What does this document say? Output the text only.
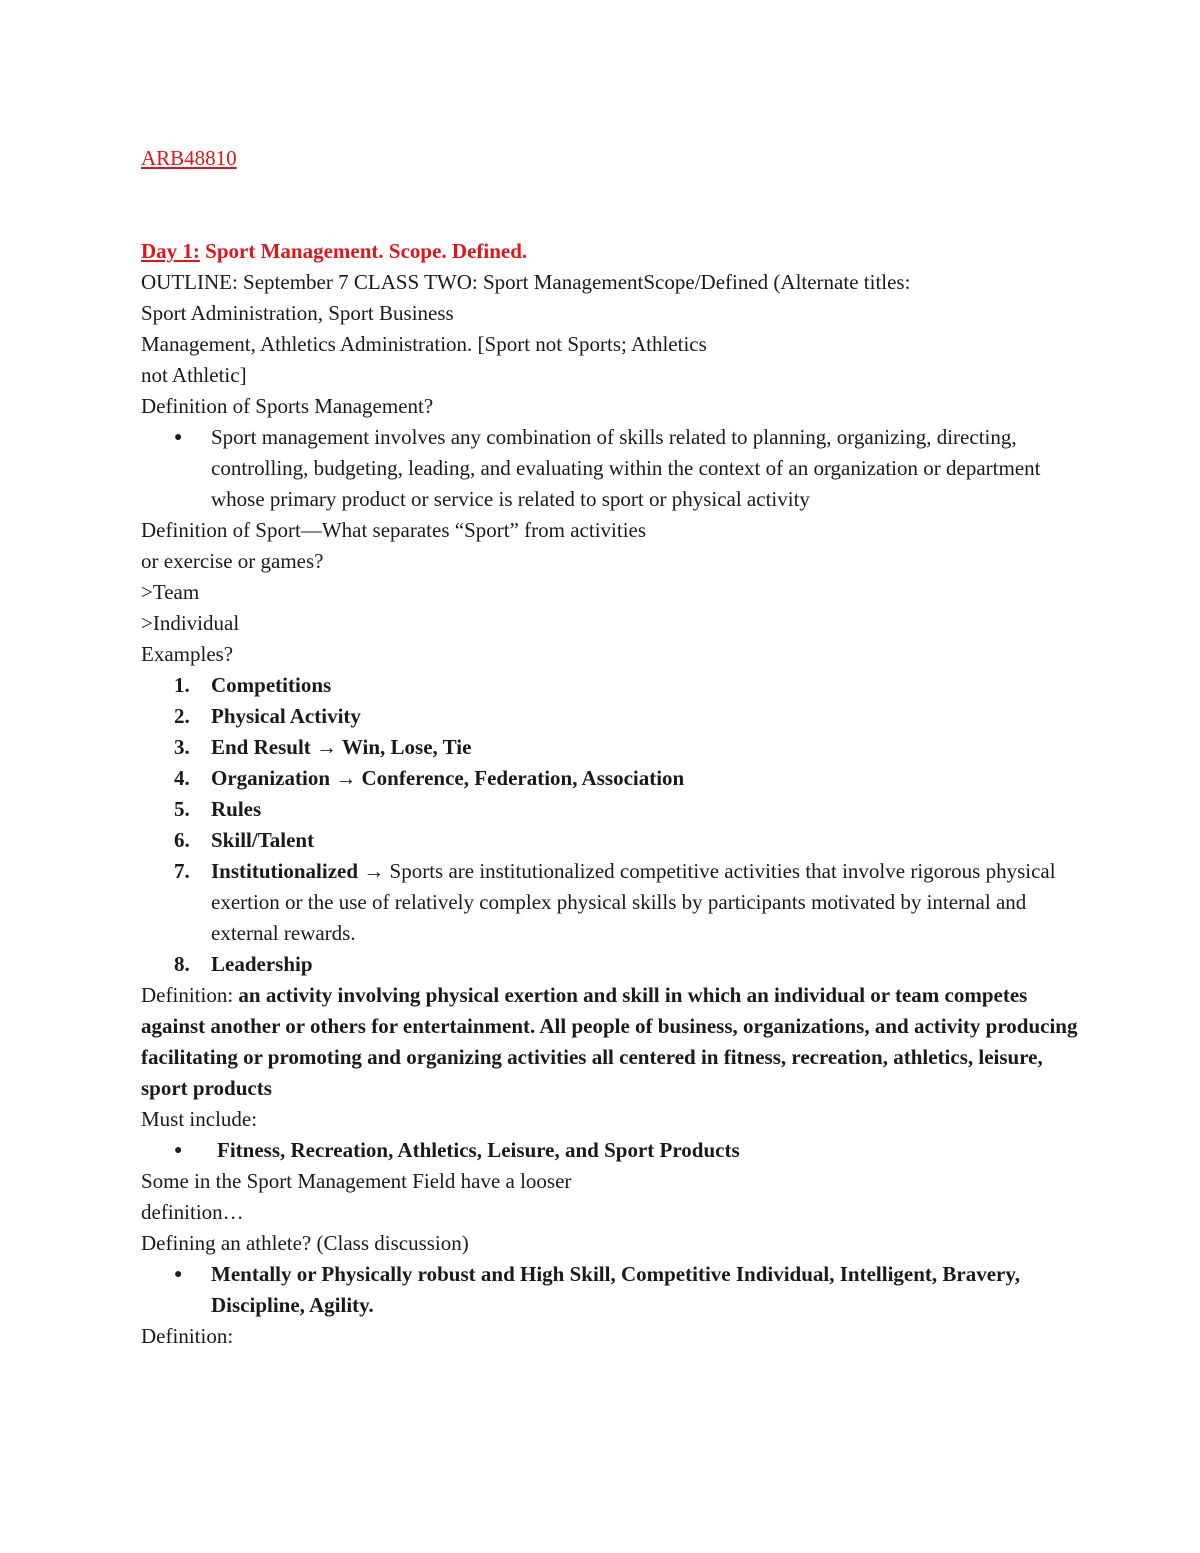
ARB48810
Day 1: Sport Management. Scope. Defined.
OUTLINE: September 7 CLASS TWO: Sport ManagementScope/Defined (Alternate titles:
Sport Administration, Sport Business
Management, Athletics Administration. [Sport not Sports; Athletics
not Athletic]
Definition of Sports Management?
● Sport management involves any combination of skills related to planning, organizing, directing, controlling, budgeting, leading, and evaluating within the context of an organization or department whose primary product or service is related to sport or physical activity
Definition of Sport—What separates “Sport” from activities
or exercise or games?
>Team
>Individual
Examples?
1. Competitions
2. Physical Activity
3. End Result → Win, Lose, Tie
4. Organization → Conference, Federation, Association
5. Rules
6. Skill/Talent
7. Institutionalized → Sports are institutionalized competitive activities that involve rigorous physical exertion or the use of relatively complex physical skills by participants motivated by internal and external rewards.
8. Leadership
Definition: an activity involving physical exertion and skill in which an individual or team competes against another or others for entertainment. All people of business, organizations, and activity producing facilitating or promoting and organizing activities all centered in fitness, recreation, athletics, leisure, sport products
Must include:
● Fitness, Recreation, Athletics, Leisure, and Sport Products
Some in the Sport Management Field have a looser
definition…
Defining an athlete? (Class discussion)
● Mentally or Physically robust and High Skill, Competitive Individual, Intelligent, Bravery, Discipline, Agility.
Definition:
